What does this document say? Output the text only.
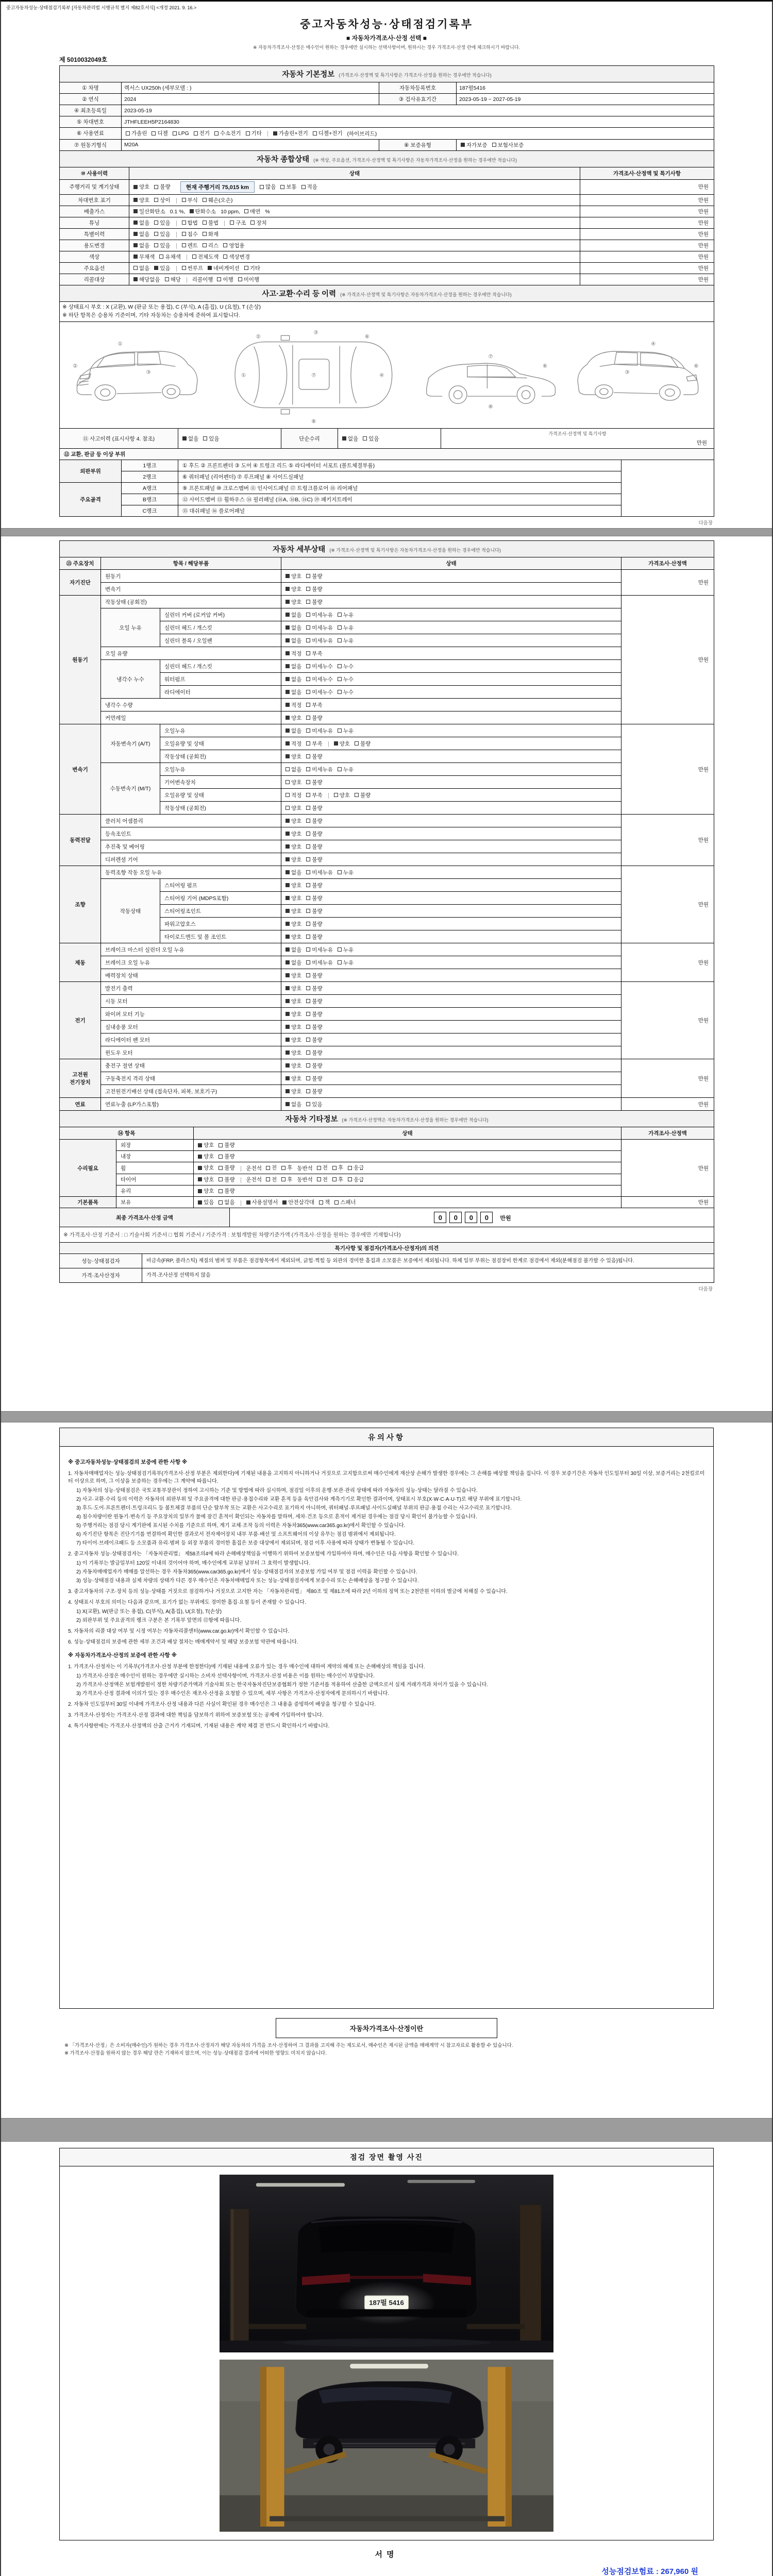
중고자동차성능·상태점검기록부 [자동차관리법 시행규칙 별지 제82호서식] <개정 2021. 9. 16.>
중고자동차성능·상태점검기록부
■ 자동차가격조사·산정 선택 ■
※ 자동차가격조사·산정은 매수인이 원하는 경우에만 실시하는 선택사항이며, 원하시는 경우 가격조사·산정 란에 체크하시기 바랍니다.
제 5010032049호
자동차 기본정보 (가격조사·산정액 및 특기사항은 가격조사·산정을 원하는 경우에만 적습니다)			
① 차명	렉서스 UX250h (세부모델 : )	자동차등록번호	187펄5416
② 연식	2024	③ 검사유효기간	2023-05-19 ~ 2027-05-19
④ 최초등록일	2023-05-19		
⑤ 차대번호	JTHFLEEH5P2164830		
⑥ 사용연료	가솔린 디젤 LPG 전기 수소전기 기타	가솔린+전기 디젤+전기 (하이브리드)
⑦ 원동기형식	M20A	⑧ 보증유형	자가보증 보험사보증
자동차 종합상태 (※ 색상, 주요옵션, 가격조사·산정액 및 특기사항은 자동차가격조사·산정을 원하는 경우에만 적습니다)		
⑩ 사용이력	상태	가격조사·산정액 및 특기사항
주행거리 및 계기상태	양호 불량 현재 주행거리 75,015 km 많음 보통 적음	만원
차대번호 표기	양호 상이 부식 훼손(오손)	만원
배출가스	일산화탄소 0.1 %, 탄화수소 10 ppm, 매연 %	만원
튜닝	없음 있음	합법 불법	구조 장치	만원
특별이력	없음 있음 침수 화재	만원
용도변경	없음 있음 렌트 리스 영업용	만원
색상	무채색 유채색 전체도색 색상변경	만원
주요옵션	없음 있음 썬루프 네비게이션 기타	만원
리콜대상	해당없음 해당 리콜이행 이행 미이행	만원
사고·교환·수리 등 이력 (※ 가격조사·산정액 및 특기사항은 자동차가격조사·산정을 원하는 경우에만 적습니다)

※ 상태표시 부호 : X (교환), W (판금 또는 용접), C (부식), A (흠집), U (요철), T (손상)
※ 하단 항목은 승용차 기준이며, 기타 자동차는 승용차에 준하여 표시합니다.

①
②
③
①	⑦	④
②
③
⑥
⑧
⑥
⑦
⑧
④
⑥
③

⑪ 사고이력 (표시사항 4. 참조)	없음 있음	단순수리	없음 있음	
가격조사·산정액 및 특기사항
만원
⑫ 교환, 판금 등 이상 부위			
외판부위	1랭크	① 후드 ② 프론트펜더 ③ 도어 ④ 트렁크 리드 ⑤ 라디에이터 서포트 (볼트체결부품)	
	2랭크	⑥ 쿼터패널 (리어펜더) ⑦ 루프패널 ⑧ 사이드실패널	
주요골격	A랭크	⑨ 프론트패널 ⑩ 크로스멤버 ⑪ 인사이드패널 ⑰ 트렁크플로어 ⑱ 리어패널	
	B랭크	⑫ 사이드멤버 ⑬ 휠하우스 ⑭ 필러패널 (⑭A, ⑭B, ⑭C) ⑲ 패키지트레이	
	C랭크	⑮ 대쉬패널 ⑯ 플로어패널	
다음장
자동차 세부상태 (※ 가격조사·산정액 및 특기사항은 자동차가격조사·산정을 원하는 경우에만 적습니다)				
⑬ 주요장치	항목 / 해당부품		상태	가격조사·산정액
자기진단	원동기		양호 불량	만원
	변속기		양호 불량	
원동기	작동상태 (공회전)		양호 불량	만원
	오일 누유	실린더 커버 (로커암 커버)	없음 미세누유 누유	
		실린더 헤드 / 개스킷	없음 미세누유 누유	
		실린더 블록 / 오일팬	없음 미세누유 누유	
	오일 유량		적정 부족	
	냉각수 누수	실린더 헤드 / 개스킷	없음 미세누수 누수	
		워터펌프	없음 미세누수 누수	
		라디에이터	없음 미세누수 누수	
	냉각수 수량		적정 부족	
	커먼레일		양호 불량	
변속기	자동변속기 (A/T)	오일누유	없음 미세누유 누유	만원
		오일유량 및 상태	적정 부족 양호 불량	
		작동상태 (공회전)	양호 불량	
	수동변속기 (M/T)	오일누유	없음 미세누유 누유	
		기어변속장치	양호 불량	
		오일유량 및 상태	적정 부족 양호 불량	
		작동상태 (공회전)	양호 불량	
동력전달	클러치 어셈블리		양호 불량	만원
	등속조인트		양호 불량	
	추진축 및 베어링		양호 불량	
	디퍼렌셜 기어		양호 불량	
조향	동력조향 작동 오일 누유		없음 미세누유 누유	만원
	작동상태	스티어링 펌프	양호 불량	
		스티어링 기어 (MDPS포함)	양호 불량	
		스티어링조인트	양호 불량	
		파워고압호스	양호 불량	
		타이로드엔드 및 볼 조인트	양호 불량	
제동	브레이크 마스터 실린더 오일 누유		없음 미세누유 누유	만원
	브레이크 오일 누유		없음 미세누유 누유	
	배력장치 상태		양호 불량	
전기	발전기 출력		양호 불량	만원
	시동 모터		양호 불량	
	와이퍼 모터 기능		양호 불량	
	실내송풍 모터		양호 불량	
	라디에이터 팬 모터		양호 불량	
	윈도우 모터		양호 불량	
고전원 전기장치	충전구 절연 상태		양호 불량	만원
	구동축전지 격리 상태		양호 불량	
	고전원전기배선 상태 (접속단자, 피복, 보호기구)		양호 불량	
연료	연료누출 (LP가스포함)		없음 있음	만원
자동차 기타정보 (※ 가격조사·산정액은 자동차가격조사·산정을 원하는 경우에만 적습니다)			
⑭ 항목		상태	가격조사·산정액
수리필요	외장	양호 불량	만원
	내장	양호 불량	
휠	양호 불량 운전석 전 후 동반석 전 후 응급
타이어	양호 불량 운전석 전 후 동반석 전 후 응급
	유리	양호 불량	
기본품목	보유	있음 없음	사용설명서 안전삼각대 잭 스패너	만원
최종 가격조사·산정 금액	0 0 0 0 만원
※ 가격조사·산정 기준서 : □ 기술사회 기준서 □ 협회 기준서 / 기준가격 : 보험개발원 차량기준가액 (가격조사·산정을 원하는 경우에만 기재합니다)
특기사항 및 점검자(가격조사·산정자)의 의견	
성능·상태점검자	비금속(FRP, 플라스틱) 재질의 범퍼 및 부품은 점검항목에서 제외되며, 긁힘·찍힘 등 외관의 경미한 흠집과 소모품은 보증에서 제외됩니다. 하체 일부 부위는 점검장비 한계로 점검에서 제외(분해점검 불가할 수 있음)됩니다.
가격·조사산정자	가격·조사산정 선택하지 않음
다음장
유의사항

※ 중고자동차성능·상태점검의 보증에 관한 사항 ※

1. 자동차매매업자는 성능·상태점검기록부(가격조사·산정 부분은 제외한다)에 기재된 내용을 고지하지 아니하거나 거짓으로 고지함으로써 매수인에게 재산상 손해가 발생한 경우에는 그 손해를 배상할 책임을 집니다. 이 경우 보증기간은 자동차 인도일부터 30일 이상, 보증거리는 2천킬로미터 이상으로 하며, 그 이상을 보증하는 경우에는 그 계약에 따릅니다.

1) 자동차의 성능·상태점검은 국토교통부장관이 정하여 고시하는 기준 및 방법에 따라 실시하며, 점검일 이후의 운행·보관·관리 상태에 따라 자동차의 성능·상태는 달라질 수 있습니다.

2) 사고·교환·수리 등의 이력은 자동차의 외판부위 및 주요골격에 대한 판금·용접수리와 교환 흔적 등을 육안검사와 계측기기로 확인한 결과이며, 상태표시 부호(X·W·C·A·U·T)로 해당 부위에 표기합니다.

3) 후드·도어·프론트펜더·트렁크리드 등 볼트체결 부품의 단순 탈부착 또는 교환은 사고수리로 표기하지 아니하며, 쿼터패널·루프패널·사이드실패널 부위의 판금·용접 수리는 사고수리로 표기합니다.

4) 침수차량이란 원동기·변속기 등 주요장치의 일부가 물에 잠긴 흔적이 확인되는 자동차를 말하며, 세차·건조 등으로 흔적이 제거된 경우에는 점검 당시 확인이 불가능할 수 있습니다.

5) 주행거리는 점검 당시 계기판에 표시된 수치를 기준으로 하며, 계기 교체·조작 등의 이력은 자동차365(www.car365.go.kr)에서 확인할 수 있습니다.

6) 자기진단 항목은 진단기기를 연결하여 확인한 결과로서 전자제어장치 내부 부품·배선 및 소프트웨어의 이상 유무는 점검 범위에서 제외됩니다.

7) 타이어·브레이크패드 등 소모품과 유리·범퍼 등 외장 부품의 경미한 흠집은 보증 대상에서 제외되며, 점검 이후 사용에 따라 상태가 변동될 수 있습니다.

2. 중고자동차 성능·상태점검자는 「자동차관리법」 제58조의4에 따라 손해배상책임을 이행하기 위하여 보증보험에 가입하여야 하며, 매수인은 다음 사항을 확인할 수 있습니다.

1) 이 기록부는 발급일부터 120일 이내의 것이어야 하며, 매수인에게 교부된 날부터 그 효력이 발생합니다.

2) 자동차매매업자가 매매를 알선하는 경우 자동차365(www.car365.go.kr)에서 성능·상태점검자의 보증보험 가입 여부 및 점검 이력을 확인할 수 있습니다.

3) 성능·상태점검 내용과 실제 차량의 상태가 다른 경우 매수인은 자동차매매업자 또는 성능·상태점검자에게 보증수리 또는 손해배상을 청구할 수 있습니다.

3. 중고자동차의 구조·장치 등의 성능·상태를 거짓으로 점검하거나 거짓으로 고지한 자는 「자동차관리법」 제80조 및 제81조에 따라 2년 이하의 징역 또는 2천만원 이하의 벌금에 처해질 수 있습니다.

4. 상태표시 부호의 의미는 다음과 같으며, 표기가 없는 부위에도 경미한 흠집·요철 등이 존재할 수 있습니다.

1) X(교환), W(판금 또는 용접), C(부식), A(흠집), U(요철), T(손상)

2) 외판부위 및 주요골격의 랭크 구분은 본 기록부 앞면의 ⑫항에 따릅니다.

5. 자동차의 리콜 대상 여부 및 시정 여부는 자동차리콜센터(www.car.go.kr)에서 확인할 수 있습니다.

6. 성능·상태점검의 보증에 관한 세부 조건과 배상 절차는 매매계약서 및 해당 보증보험 약관에 따릅니다.

※ 자동차가격조사·산정의 보증에 관한 사항 ※

1. 가격조사·산정자는 이 기록부(가격조사·산정 부분에 한정한다)에 기재된 내용에 오류가 있는 경우 매수인에 대하여 계약의 해제 또는 손해배상의 책임을 집니다.

1) 가격조사·산정은 매수인이 원하는 경우에만 실시하는 소비자 선택사항이며, 가격조사·산정 비용은 이를 원하는 매수인이 부담합니다.

2) 가격조사·산정액은 보험개발원이 정한 차량기준가액과 기술사회 또는 한국자동차진단보증협회가 정한 기준서를 적용하여 산출한 금액으로서 실제 거래가격과 차이가 있을 수 있습니다.

3) 가격조사·산정 결과에 이의가 있는 경우 매수인은 재조사·산정을 요청할 수 있으며, 세부 사항은 가격조사·산정자에게 문의하시기 바랍니다.

2. 자동차 인도일부터 30일 이내에 가격조사·산정 내용과 다른 사실이 확인된 경우 매수인은 그 내용을 증빙하여 배상을 청구할 수 있습니다.

3. 가격조사·산정자는 가격조사·산정 결과에 대한 책임을 담보하기 위하여 보증보험 또는 공제에 가입하여야 합니다.

4. 특기사항란에는 가격조사·산정액의 산출 근거가 기재되며, 기재된 내용은 계약 체결 전 반드시 확인하시기 바랍니다.

자동차가격조사·산정이란
※ 「가격조사·산정」은 소비자(매수인)가 원하는 경우 가격조사·산정자가 해당 자동차의 가격을 조사·산정하여 그 결과를 고지해 주는 제도로서, 매수인은 제시된 금액을 매매계약 시 참고자료로 활용할 수 있습니다.
※ 가격조사·산정을 원하지 않는 경우 해당 란은 기재하지 않으며, 이는 성능·상태점검 결과에 어떠한 영향도 미치지 않습니다.
점검 장면 촬영 사진
187펄 5416
서명
성능점검보험료 : 267,960 원
